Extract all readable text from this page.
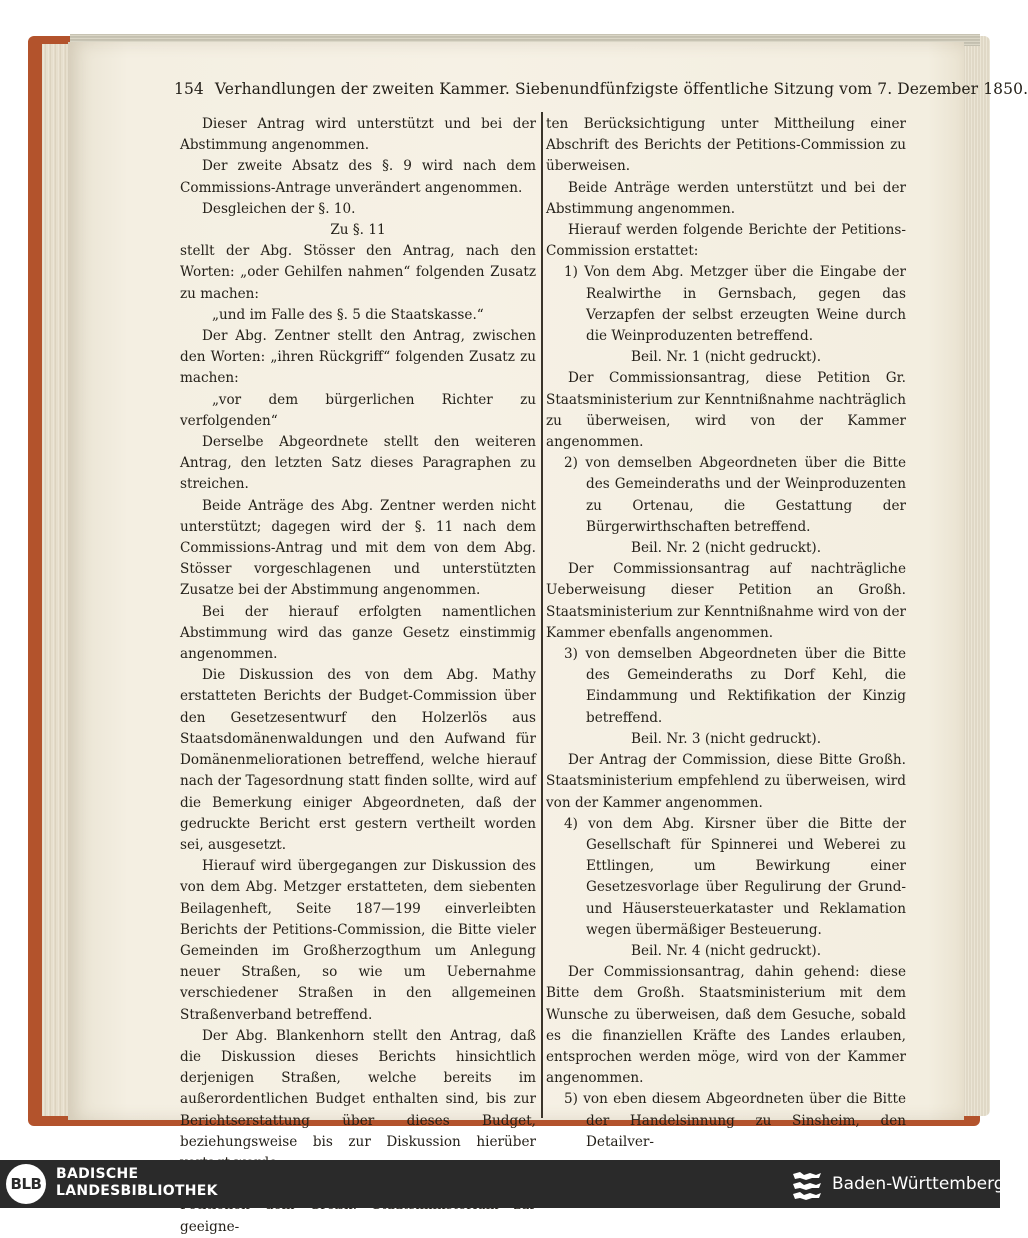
154 Verhandlungen der zweiten Kammer. Siebenundfünfzigste öffentliche Sitzung vom 7. Dezember 1850.

Dieser Antrag wird unterstützt und bei der Abstimmung angenommen.

Der zweite Absatz des §. 9 wird nach dem Commissions-Antrage unverändert angenommen.

Desgleichen der §. 10.

Zu §. 11

stellt der Abg. Stösser den Antrag, nach den Worten: „oder Gehilfen nahmen“ folgenden Zusatz zu machen:

„und im Falle des §. 5 die Staatskasse.“

Der Abg. Zentner stellt den Antrag, zwischen den Worten: „ihren Rückgriff“ folgenden Zusatz zu machen:

„vor dem bürgerlichen Richter zu verfolgenden“

Derselbe Abgeordnete stellt den weiteren Antrag, den letzten Satz dieses Paragraphen zu streichen.

Beide Anträge des Abg. Zentner werden nicht unterstützt; dagegen wird der §. 11 nach dem Commissions-Antrag und mit dem von dem Abg. Stösser vorgeschlagenen und unterstützten Zusatze bei der Abstimmung angenommen.

Bei der hierauf erfolgten namentlichen Abstimmung wird das ganze Gesetz einstimmig angenommen.

Die Diskussion des von dem Abg. Mathy erstatteten Berichts der Budget-Commission über den Gesetzesentwurf den Holzerlös aus Staatsdomänenwaldungen und den Aufwand für Domänenmeliorationen betreffend, welche hierauf nach der Tagesordnung statt finden sollte, wird auf die Bemerkung einiger Abgeordneten, daß der gedruckte Bericht erst gestern vertheilt worden sei, ausgesetzt.

Hierauf wird übergegangen zur Diskussion des von dem Abg. Metzger erstatteten, dem siebenten Beilagenheft, Seite 187—199 einverleibten Berichts der Petitions-Commission, die Bitte vieler Gemeinden im Großherzogthum um Anlegung neuer Straßen, so wie um Uebernahme verschiedener Straßen in den allgemeinen Straßenverband betreffend.

Der Abg. Blankenhorn stellt den Antrag, daß die Diskussion dieses Berichts hinsichtlich derjenigen Straßen, welche bereits im außerordentlichen Budget enthalten sind, bis zur Berichtserstattung über dieses Budget, beziehungsweise bis zur Diskussion hierüber

geeigne-

ten Berücksichtigung unter Mittheilung einer Abschrift des Berichts der Petitions-Commission zu überweisen.

Beide Anträge werden unterstützt und bei der Abstimmung angenommen.

Hierauf werden folgende Berichte der Petitions-Commission erstattet:

1) Von dem Abg. Metzger über die Eingabe der Realwirthe in Gernsbach, gegen das Verzapfen der selbst erzeugten Weine durch die Weinproduzenten betreffend.

Beil. Nr. 1 (nicht gedruckt).

Der Commissionsantrag, diese Petition Gr. Staatsministerium zur Kenntnißnahme nachträglich zu überweisen, wird von der Kammer angenommen.

2) von demselben Abgeordneten über die Bitte des Gemeinderaths und der Weinproduzenten zu Ortenau, die Gestattung der Bürgerwirthschaften betreffend.

Beil. Nr. 2 (nicht gedruckt).

Der Commissionsantrag auf nachträgliche Ueberweisung dieser Petition an Großh. Staatsministerium zur Kenntnißnahme wird von der Kammer ebenfalls angenommen.

3) von demselben Abgeordneten über die Bitte des Gemeinderaths zu Dorf Kehl, die Eindammung und Rektifikation der Kinzig betreffend.

Beil. Nr. 3 (nicht gedruckt).

Der Antrag der Commission, diese Bitte Großh. Staatsministerium empfehlend zu überweisen, wird von der Kammer angenommen.

4) von dem Abg. Kirsner über die Bitte der Gesellschaft für Spinnerei und Weberei zu Ettlingen, um Bewirkung einer Gesetzesvorlage über Regulirung der Grund- und Häusersteuerkataster und Reklamation wegen übermäßiger Besteuerung.

Beil. Nr. 4 (nicht gedruckt).

Der Commissionsantrag, dahin gehend: diese Bitte dem Großh. Staatsministerium mit dem Wunsche zu überweisen, daß dem Gesuche, sobald es die finanziellen Kräfte des Landes erlauben, entsprochen werden möge, wird von der Kammer angenommen.

5) von eben diesem Abgeordneten über die Bitte der Handelsinnung zu Sinsheim, den Detailver-

BLB
BADISCHE
LANDESBIBLIOTHEK	Baden-Württemberg
